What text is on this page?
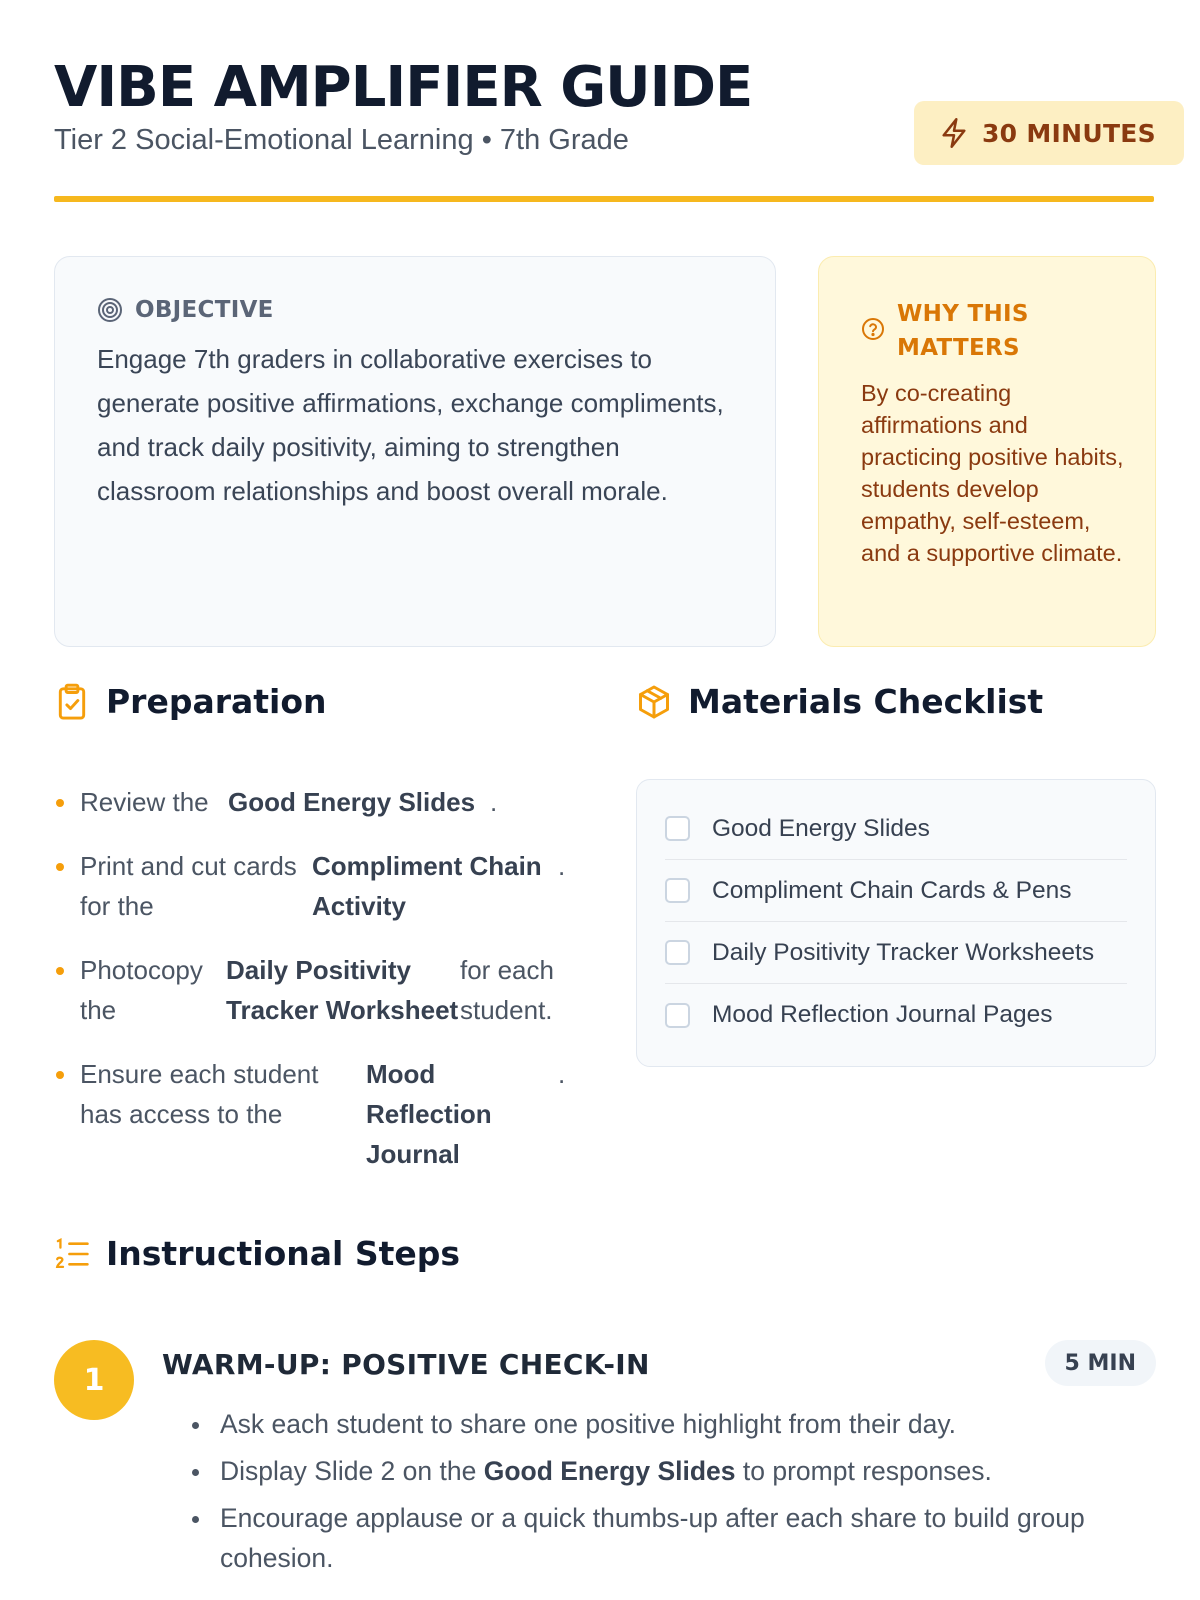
VIBE AMPLIFIER GUIDE
Tier 2 Social-Emotional Learning • 7th Grade	30 MINUTES
OBJECTIVE

Engage 7th graders in collaborative exercises to generate positive affirmations, exchange compliments, and track daily positivity, aiming to strengthen classroom relationships and boost overall morale.

WHY THIS MATTERS

By co-creating affirmations and practicing positive habits, students develop empathy, self-esteem, and a supportive climate.

Preparation
Review the Good Energy Slides .
Print and cut cards for the
Compliment Chain Activity
.
Photocopy the
Daily Positivity Tracker Worksheet
for each student.
Ensure each student has access to the
Mood Reflection Journal
.
Materials Checklist
Good Energy Slides
Compliment Chain Cards & Pens
Daily Positivity Tracker Worksheets
Mood Reflection Journal Pages
Instructional Steps
1	WARM-UP: POSITIVE CHECK-IN	5 MIN
Ask each student to share one positive highlight from their day.
Display Slide 2 on the Good Energy Slides to prompt responses.
Encourage applause or a quick thumbs-up after each share to build group cohesion.
